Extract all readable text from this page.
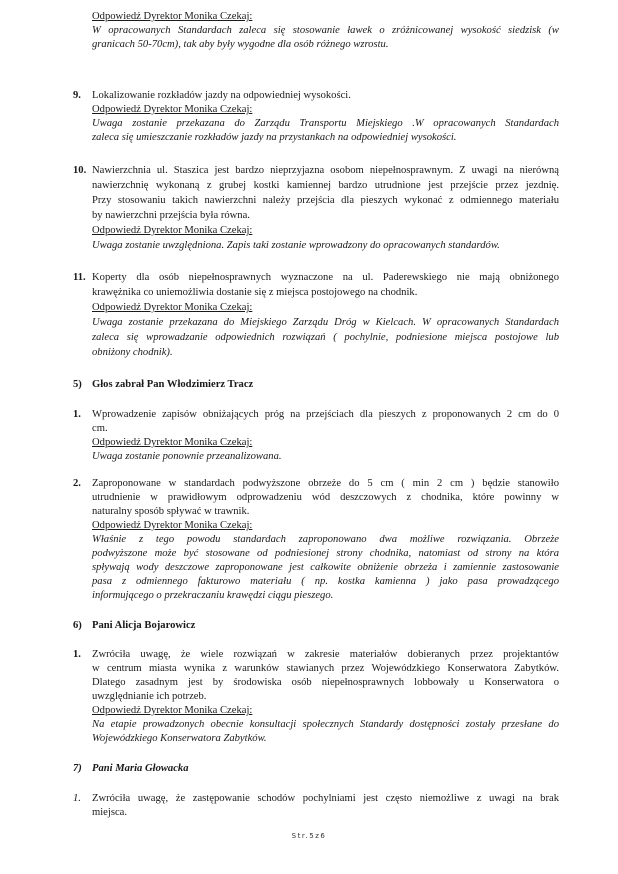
Odpowiedź Dyrektor Monika Czekaj:
W opracowanych Standardach zaleca się stosowanie ławek o zróżnicowanej wysokość siedzisk (w
granicach 50-70cm), tak aby były wygodne dla osób różnego wzrostu.
9. Lokalizowanie rozkładów jazdy na odpowiedniej wysokości.
Odpowiedź Dyrektor Monika Czekaj:
Uwaga zostanie przekazana do Zarządu Transportu Miejskiego .W opracowanych Standardach
zaleca się umieszczanie rozkładów jazdy na przystankach na odpowiedniej wysokości.
10. Nawierzchnia ul. Staszica jest bardzo nieprzyjazna osobom niepełnosprawnym. Z uwagi na nierówną
nawierzchnię wykonaną z grubej kostki kamiennej bardzo utrudnione jest przejście przez jezdnię.
Przy stosowaniu takich nawierzchni należy przejścia dla pieszych wykonać z odmiennego materiału
by nawierzchni przejścia była równa.
Odpowiedź Dyrektor Monika Czekaj:
Uwaga zostanie uwzględniona. Zapis taki zostanie wprowadzony do opracowanych standardów.
11. Koperty dla osób niepełnosprawnych wyznaczone na ul. Paderewskiego nie mają obniżonego
krawężnika co uniemożliwia dostanie się z miejsca postojowego na chodnik.
Odpowiedź Dyrektor Monika Czekaj:
Uwaga zostanie przekazana do Miejskiego Zarządu Dróg w Kielcach. W opracowanych Standardach
zaleca się wprowadzanie odpowiednich rozwiązań ( pochylnie, podniesione miejsca postojowe lub
obniżony chodnik).
5) Głos zabrał Pan Włodzimierz Tracz
1. Wprowadzenie zapisów obniżających próg na przejściach dla pieszych z proponowanych 2 cm do 0
cm.
Odpowiedź Dyrektor Monika Czekaj:
Uwaga zostanie ponownie przeanalizowana.
2. Zaproponowane w standardach podwyższone obrzeże do 5 cm ( min 2 cm ) będzie stanowiło
utrudnienie w prawidłowym odprowadzeniu wód deszczowych z chodnika, które powinny w
naturalny sposób spływać w trawnik.
Odpowiedź Dyrektor Monika Czekaj:
Właśnie z tego powodu standardach zaproponowano dwa możliwe rozwiązania. Obrzeże
podwyższone może być stosowane od podniesionej strony chodnika, natomiast od strony na która
spływają wody deszczowe zaproponowane jest całkowite obniżenie obrzeża i zamiennie zastosowanie
pasa z odmiennego fakturowo materiału ( np. kostka kamienna ) jako pasa prowadzącego
informującego o przekraczaniu krawędzi ciągu pieszego.
6) Pani Alicja Bojarowicz
1. Zwróciła uwagę, że wiele rozwiązań w zakresie materiałów dobieranych przez projektantów
w centrum miasta wynika z warunków stawianych przez Wojewódzkiego Konserwatora Zabytków.
Dlatego zasadnym jest by środowiska osób niepełnosprawnych lobbowały u Konserwatora o
uwzględnianie ich potrzeb.
Odpowiedź Dyrektor Monika Czekaj:
Na etapie prowadzonych obecnie konsultacji społecznych Standardy dostępności zostały przesłane do
Wojewódzkiego Konserwatora Zabytków.
7) Pani Maria Głowacka
1. Zwróciła uwagę, że zastępowanie schodów pochylniami jest często niemożliwe z uwagi na brak
miejsca.
Str.5z6
